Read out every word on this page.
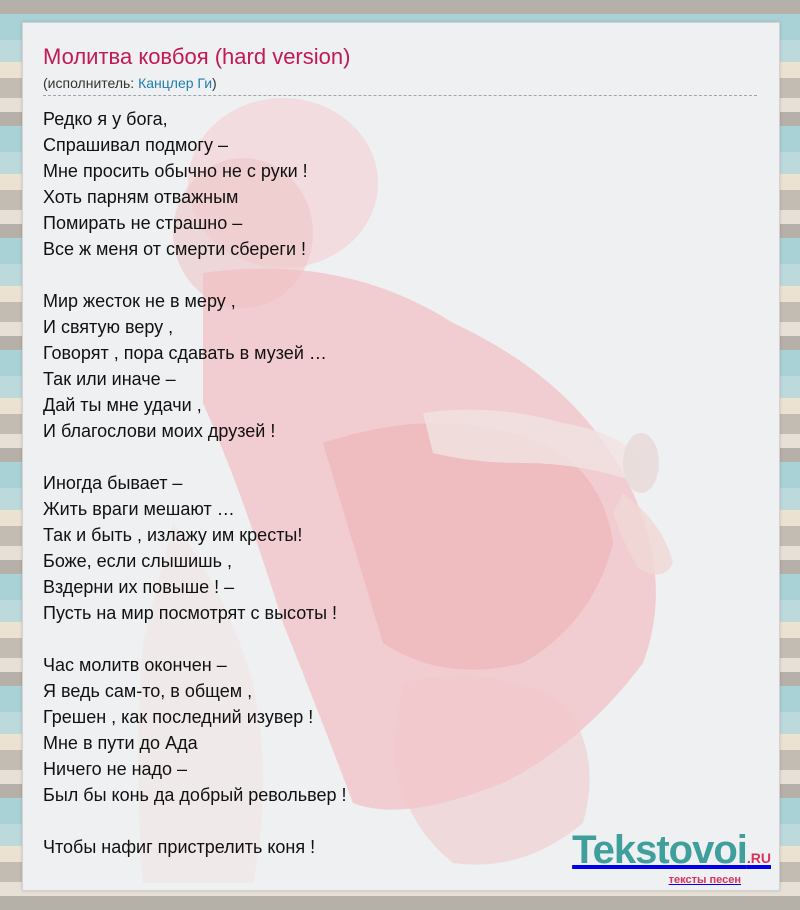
Молитва ковбоя (hard version)
(исполнитель: Канцлер Ги)
Редко я у бога,
Спрашивал подмогу –
Мне просить обычно не с руки !
Хоть парням отважным
Помирать не страшно –
Все ж меня от смерти сбереги !
Мир жесток не в меру ,
И святую веру ,
Говорят , пора сдавать в музей …
Так или иначе –
Дай ты мне удачи ,
И благослови моих друзей !
Иногда бывает –
Жить враги мешают …
Так и быть , излажу им кресты!
Боже, если слышишь ,
Вздерни их повыше ! –
Пусть на мир посмотрят с высоты !
Час молитв окончен –
Я ведь сам-то, в общем ,
Грешен , как последний изувер !
Мне в пути до Ада
Ничего не надо –
Был бы конь да добрый револьвер !
Чтобы нафиг пристрелить коня !	Tekstovoi.RU
тексты песен
